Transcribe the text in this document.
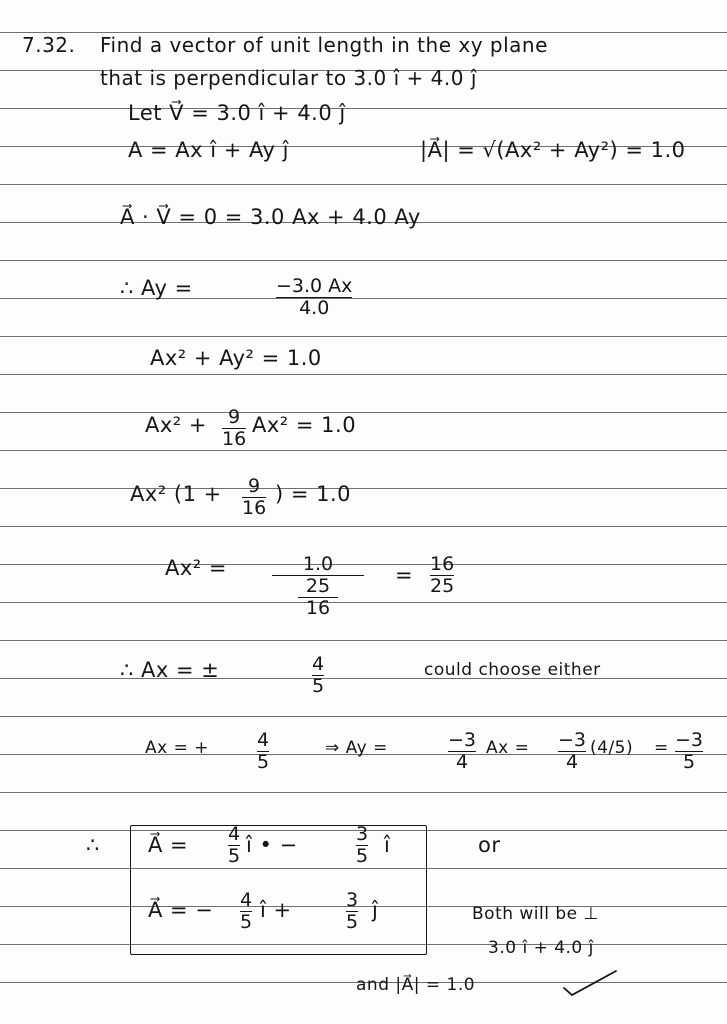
7.32. Find a vector of unit length in the xy plane
that is perpendicular to 3.0 î + 4.0 ĵ
Let V⃗ = 3.0 î + 4.0 ĵ
A = Ax î + Ay ĵ	|A⃗| = √(Ax² + Ay²) = 1.0
A⃗ · V⃗ = 0 = 3.0 Ax + 4.0 Ay
∴ Ay =	−3.0 Ax
4.0
Ax² + Ay² = 1.0
Ax² + 9
16
Ax² = 1.0
Ax² (1 + 9
16
) = 1.0
Ax² =	1.0
25
16
= 16
25
∴ Ax = ±	4
5
could choose either
Ax = +	4
5
⇒ Ay =	−3
4
Ax = −3
4
(4/5) = −3
5
∴ A⃗ = 4
5 î • −	3
5 î	or
A⃗ = − 4
5 î +	3
5 ĵ	Both will be ⊥
3.0 î + 4.0 ĵ
and |A⃗| = 1.0
